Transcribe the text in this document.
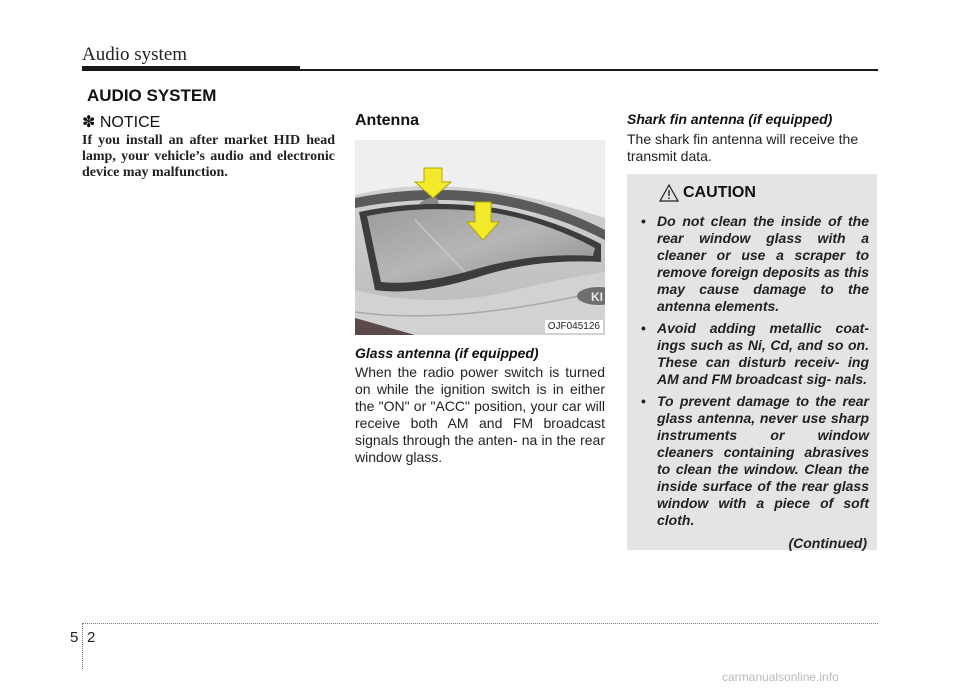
Audio system
AUDIO SYSTEM
✽ NOTICE
If you install an after market HID head lamp, your vehicle’s audio and electronic device may malfunction.
Antenna
KI
OJF045126
Glass antenna (if equipped)
When the radio power switch is turned on while the ignition switch is in either the "ON" or "ACC" position, your car will receive both AM and FM broadcast signals through the anten- na in the rear window glass.
Shark fin antenna (if equipped)
The shark fin antenna will receive the transmit data.
CAUTION
• Do not clean the inside of the rear window glass with a cleaner or use a scraper to remove foreign deposits as this may cause damage to the antenna elements.
• Avoid adding metallic coat- ings such as Ni, Cd, and so on. These can disturb receiv- ing AM and FM broadcast sig- nals.
• To prevent damage to the rear glass antenna, never use sharp instruments or window cleaners containing abrasives to clean the window. Clean the inside surface of the rear glass window with a piece of soft cloth.
(Continued)
5 2
carmanualsonline.info
